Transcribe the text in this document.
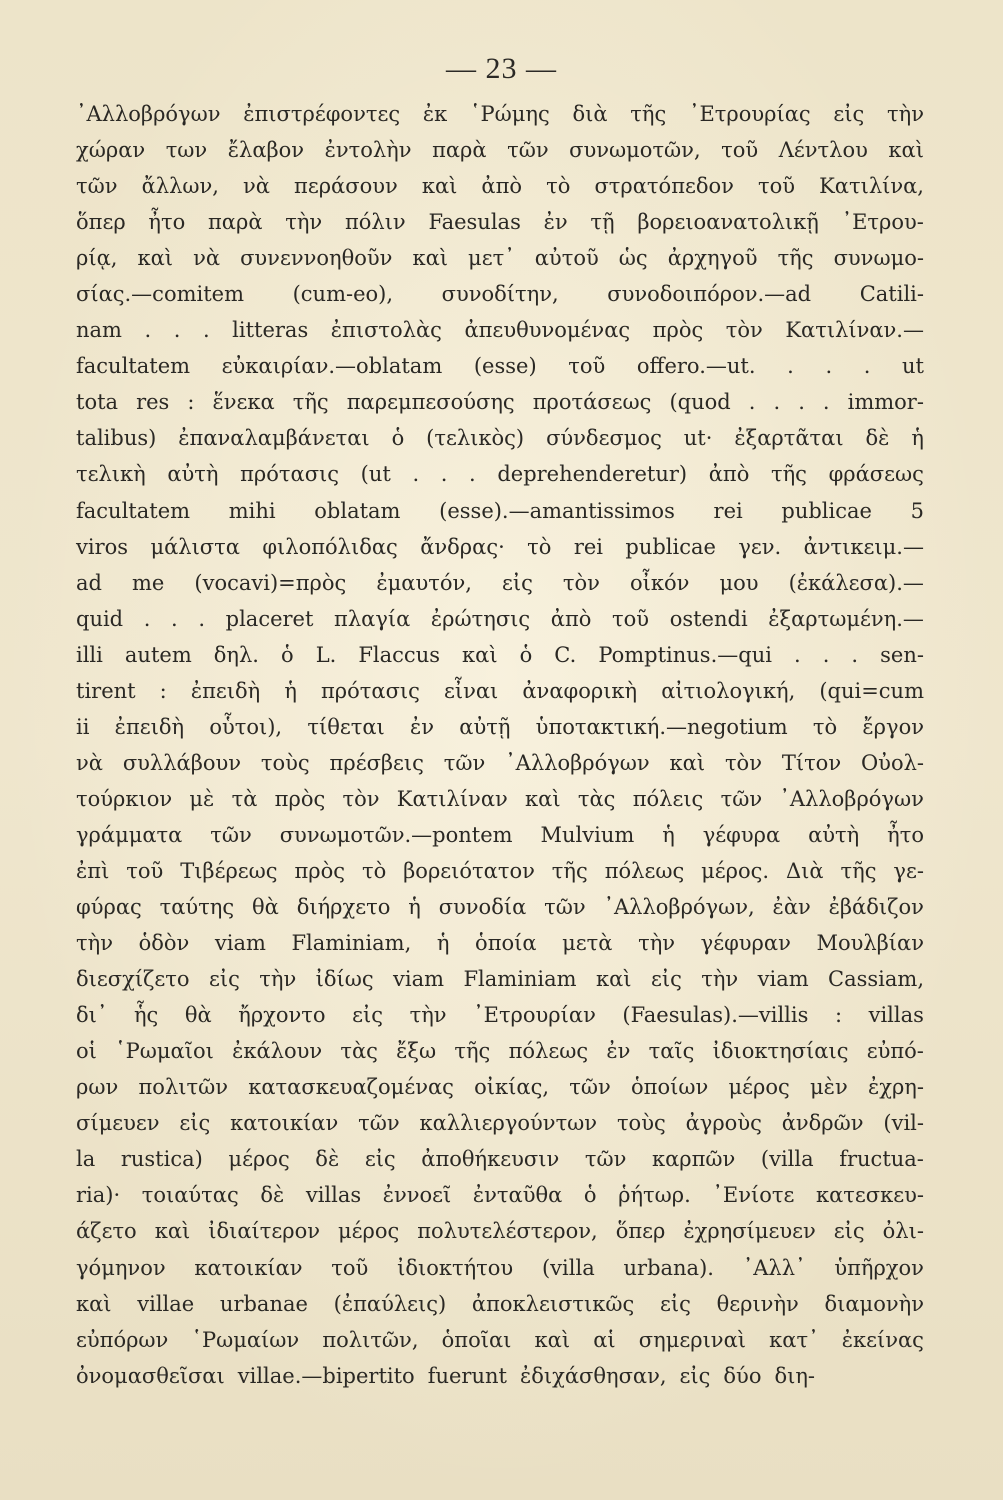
— 23 —
᾿Αλλοβρόγων ἐπιστρέφοντες ἐκ ῾Ρώμης διὰ τῆς ᾿Ετρουρίας εἰς τὴν
χώραν των ἔλαβον ἐντολὴν παρὰ τῶν συνωμοτῶν, τοῦ Λέντλου καὶ
τῶν ἄλλων, νὰ περάσουν καὶ ἀπὸ τὸ στρατόπεδον τοῦ Κατιλίνα,
ὅπερ ἦτο παρὰ τὴν πόλιν Faesulas ἐν τῇ βορειοανατολικῇ ᾿Ετρου-
ρίᾳ, καὶ νὰ συνεννοηθοῦν καὶ μετ᾿ αὐτοῦ ὡς ἀρχηγοῦ τῆς συνωμο-
σίας.—comitem (cum-eo), συνοδίτην, συνοδοιπόρον.—ad Catili-
nam . . . litteras ἐπιστολὰς ἀπευθυνομένας πρὸς τὸν Κατιλίναν.—
facultatem εὐκαιρίαν.—oblatam (esse) τοῦ offero.—ut. . . . ut
tota res : ἕνεκα τῆς παρεμπεσούσης προτάσεως (quod . . . . immor-
talibus) ἐπαναλαμβάνεται ὁ (τελικὸς) σύνδεσμος ut· ἐξαρτᾶται δὲ ἡ
τελικὴ αὐτὴ πρότασις (ut . . . deprehenderetur) ἀπὸ τῆς φράσεως
facultatem mihi oblatam (esse).—amantissimos rei publicae 5
viros μάλιστα φιλοπόλιδας ἄνδρας· τὸ rei publicae γεν. ἀντικειμ.—
ad me (vocavi)=πρὸς ἐμαυτόν, εἰς τὸν οἶκόν μου (ἐκάλεσα).—
quid . . . placeret πλαγία ἐρώτησις ἀπὸ τοῦ ostendi ἐξαρτωμένη.—
illi autem δηλ. ὁ L. Flaccus καὶ ὁ C. Pomptinus.—qui . . . sen-
tirent : ἐπειδὴ ἡ πρότασις εἶναι ἀναφορικὴ αἰτιολογική, (qui=cum
ii ἐπειδὴ οὗτοι), τίθεται ἐν αὐτῇ ὑποτακτική.—negotium τὸ ἔργον
νὰ συλλάβουν τοὺς πρέσβεις τῶν ᾿Αλλοβρόγων καὶ τὸν Τίτον Οὐολ-
τούρκιον μὲ τὰ πρὸς τὸν Κατιλίναν καὶ τὰς πόλεις τῶν ᾿Αλλοβρόγων
γράμματα τῶν συνωμοτῶν.—pontem Mulvium ἡ γέφυρα αὐτὴ ἦτο
ἐπὶ τοῦ Τιβέρεως πρὸς τὸ βορειότατον τῆς πόλεως μέρος. Διὰ τῆς γε-
φύρας ταύτης θὰ διήρχετο ἡ συνοδία τῶν ᾿Αλλοβρόγων, ἐὰν ἐβάδιζον
τὴν ὁδὸν viam Flaminiam, ἡ ὁποία μετὰ τὴν γέφυραν Μουλβίαν
διεσχίζετο εἰς τὴν ἰδίως viam Flaminiam καὶ εἰς τὴν viam Cassiam,
δι᾿ ἧς θὰ ἤρχοντο εἰς τὴν ᾿Ετρουρίαν (Faesulas).—villis : villas
οἱ ῾Ρωμαῖοι ἐκάλουν τὰς ἔξω τῆς πόλεως ἐν ταῖς ἰδιοκτησίαις εὐπό-
ρων πολιτῶν κατασκευαζομένας οἰκίας, τῶν ὁποίων μέρος μὲν ἐχρη-
σίμευεν εἰς κατοικίαν τῶν καλλιεργούντων τοὺς ἀγροὺς ἀνδρῶν (vil-
la rustica) μέρος δὲ εἰς ἀποθήκευσιν τῶν καρπῶν (villa fructua-
ria)· τοιαύτας δὲ villas ἐννοεῖ ἐνταῦθα ὁ ῥήτωρ. ᾿Ενίοτε κατεσκευ-
άζετο καὶ ἰδιαίτερον μέρος πολυτελέστερον, ὅπερ ἐχρησίμευεν εἰς ὀλι-
γόμηνον κατοικίαν τοῦ ἰδιοκτήτου (villa urbana). ᾿Αλλ᾿ ὑπῆρχον
καὶ villae urbanae (ἐπαύλεις) ἀποκλειστικῶς εἰς θερινὴν διαμονὴν
εὐπόρων ῾Ρωμαίων πολιτῶν, ὁποῖαι καὶ αἱ σημεριναὶ κατ᾿ ἐκείνας
ὀνομασθεῖσαι villae.—bipertito fuerunt ἐδιχάσθησαν, εἰς δύο διη-
